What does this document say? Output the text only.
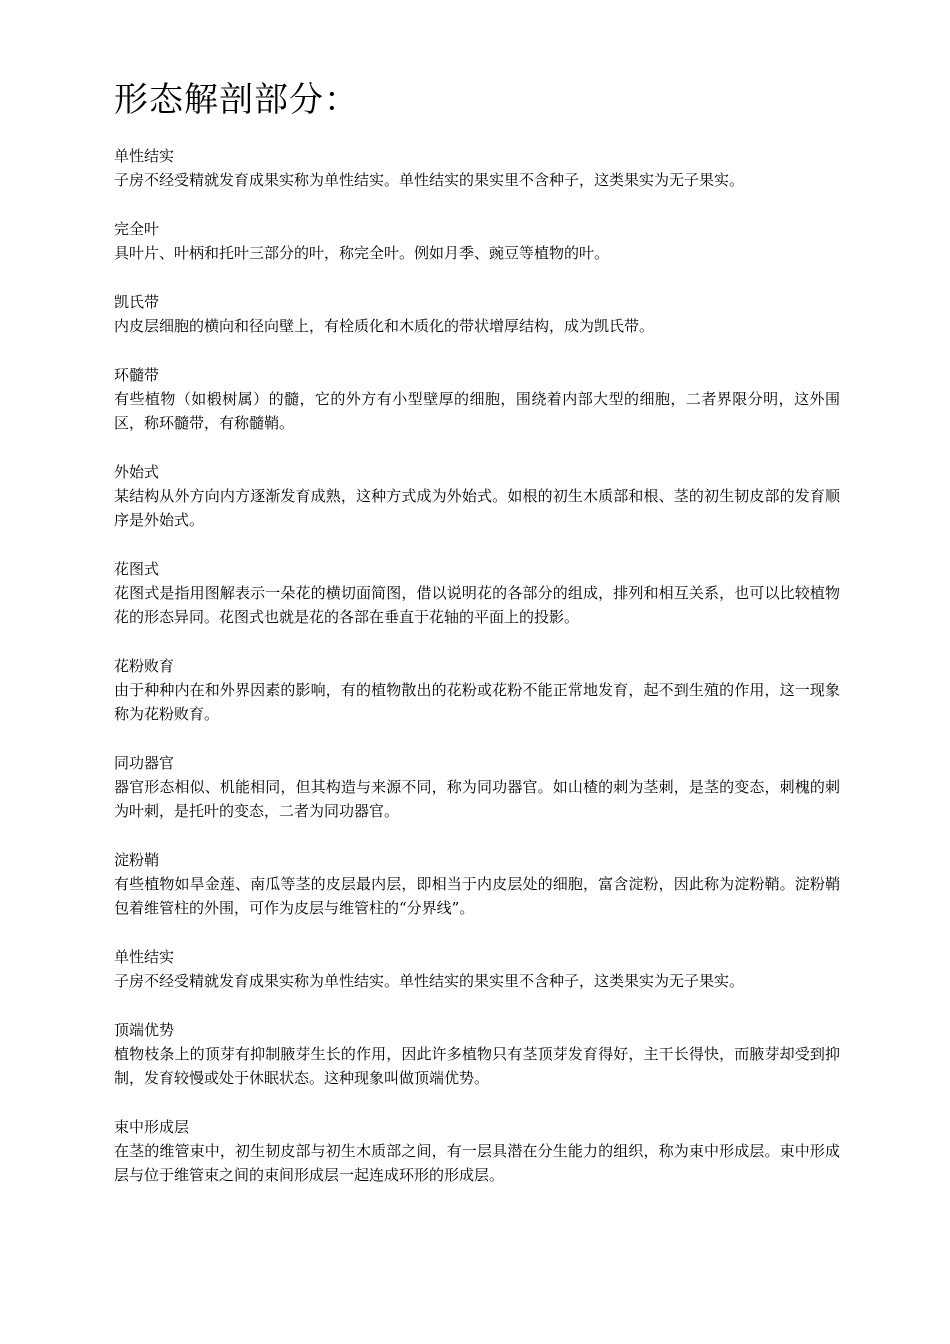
形态解剖部分：

单性结实

子房不经受精就发育成果实称为单性结实。单性结实的果实里不含种子，这类果实为无子果实。

完全叶

具叶片、叶柄和托叶三部分的叶，称完全叶。例如月季、豌豆等植物的叶。

凯氏带

内皮层细胞的横向和径向壁上，有栓质化和木质化的带状增厚结构，成为凯氏带。

环髓带

有些植物（如椴树属）的髓，它的外方有小型壁厚的细胞，围绕着内部大型的细胞，二者界限分明，这外围区，称环髓带，有称髓鞘。

外始式

某结构从外方向内方逐渐发育成熟，这种方式成为外始式。如根的初生木质部和根、茎的初生韧皮部的发育顺序是外始式。

花图式

花图式是指用图解表示一朵花的横切面简图，借以说明花的各部分的组成，排列和相互关系，也可以比较植物花的形态异同。花图式也就是花的各部在垂直于花轴的平面上的投影。

花粉败育

由于种种内在和外界因素的影响，有的植物散出的花粉或花粉不能正常地发育，起不到生殖的作用，这一现象称为花粉败育。

同功器官

器官形态相似、机能相同，但其构造与来源不同，称为同功器官。如山楂的刺为茎刺，是茎的变态，刺槐的刺为叶刺，是托叶的变态，二者为同功器官。

淀粉鞘

有些植物如旱金莲、南瓜等茎的皮层最内层，即相当于内皮层处的细胞，富含淀粉，因此称为淀粉鞘。淀粉鞘包着维管柱的外围，可作为皮层与维管柱的“分界线”。

单性结实

子房不经受精就发育成果实称为单性结实。单性结实的果实里不含种子，这类果实为无子果实。

顶端优势

植物枝条上的顶芽有抑制腋芽生长的作用，因此许多植物只有茎顶芽发育得好，主干长得快，而腋芽却受到抑制，发育较慢或处于休眠状态。这种现象叫做顶端优势。

束中形成层

在茎的维管束中，初生韧皮部与初生木质部之间，有一层具潜在分生能力的组织，称为束中形成层。束中形成层与位于维管束之间的束间形成层一起连成环形的形成层。
